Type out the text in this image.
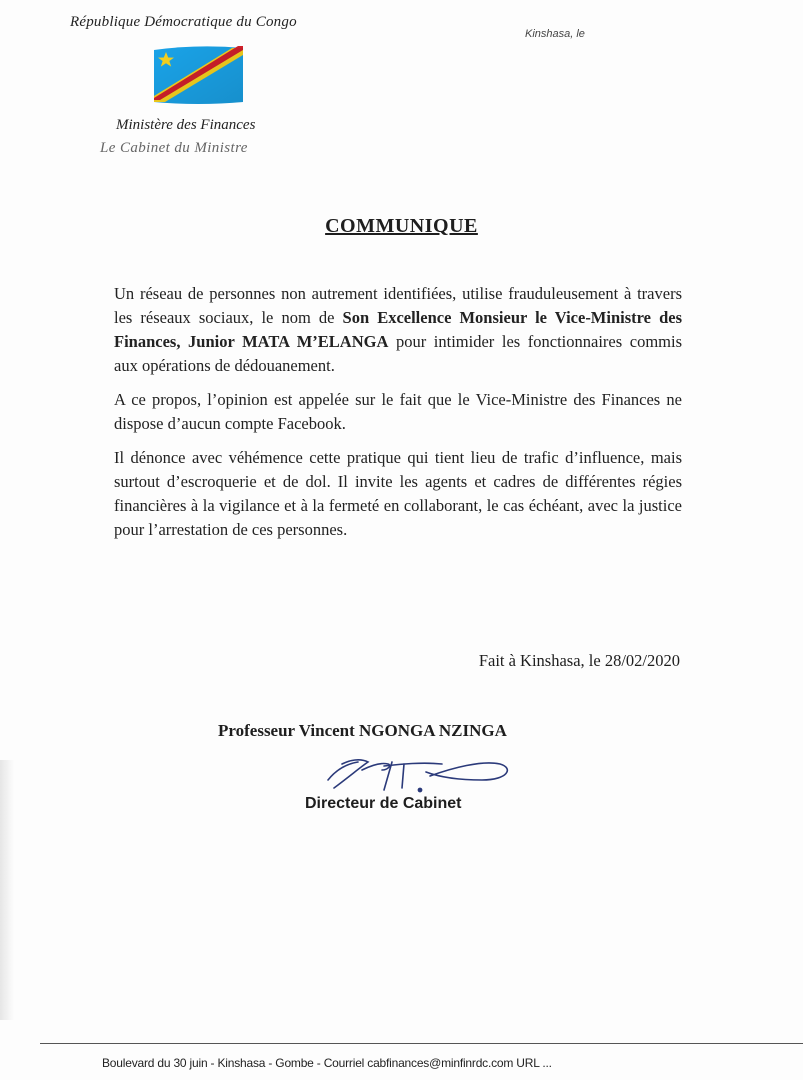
République Démocratique du Congo
Kinshasa, le
Ministère des Finances
Le Cabinet du Ministre
COMMUNIQUE

Un réseau de personnes non autrement identifiées, utilise frauduleusement à travers les réseaux sociaux, le nom de Son Excellence Monsieur le Vice-Ministre des Finances, Junior MATA M’ELANGA pour intimider les fonctionnaires commis aux opérations de dédouanement.

A ce propos, l’opinion est appelée sur le fait que le Vice-Ministre des Finances ne dispose d’aucun compte Facebook.

Il dénonce avec véhémence cette pratique qui tient lieu de trafic d’influence, mais surtout d’escroquerie et de dol. Il invite les agents et cadres de différentes régies financières à la vigilance et à la fermeté en collaborant, le cas échéant, avec la justice pour l’arrestation de ces personnes.

Fait à Kinshasa, le 28/02/2020
Professeur Vincent NGONGA NZINGA
Directeur de Cabinet
Boulevard du 30 juin - Kinshasa - Gombe - Courriel cabfinances@minfinrdc.com URL ...
